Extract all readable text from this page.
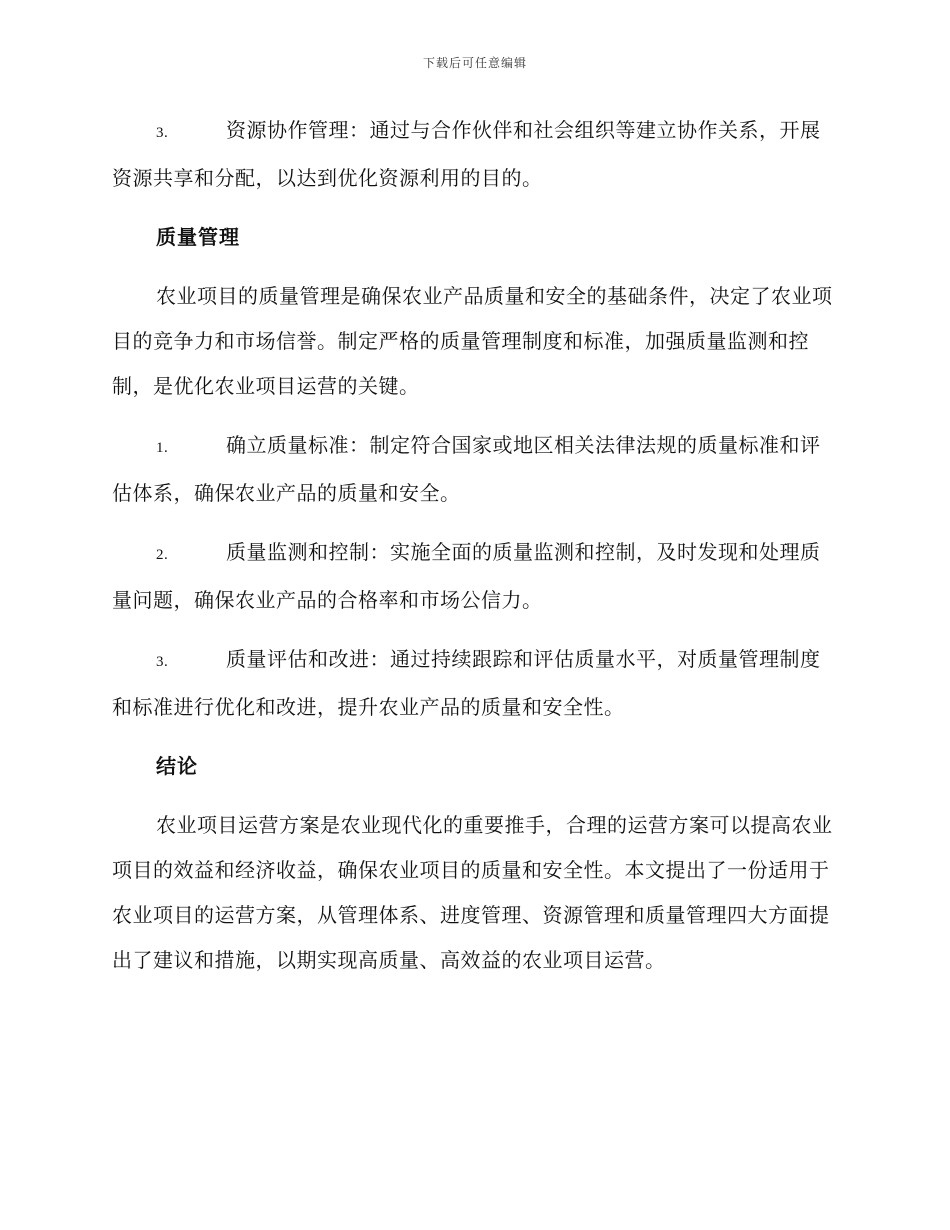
下载后可任意编辑

3.	资源协作管理：通过与合作伙伴和社会组织等建立协作关系，开展资源共享和分配，以达到优化资源利用的目的。

质量管理

农业项目的质量管理是确保农业产品质量和安全的基础条件，决定了农业项目的竞争力和市场信誉。制定严格的质量管理制度和标准，加强质量监测和控制，是优化农业项目运营的关键。

1.	确立质量标准：制定符合国家或地区相关法律法规的质量标准和评估体系，确保农业产品的质量和安全。

2.	质量监测和控制：实施全面的质量监测和控制，及时发现和处理质量问题，确保农业产品的合格率和市场公信力。

3.	质量评估和改进：通过持续跟踪和评估质量水平，对质量管理制度和标准进行优化和改进，提升农业产品的质量和安全性。

结论

农业项目运营方案是农业现代化的重要推手，合理的运营方案可以提高农业项目的效益和经济收益，确保农业项目的质量和安全性。本文提出了一份适用于农业项目的运营方案，从管理体系、进度管理、资源管理和质量管理四大方面提出了建议和措施，以期实现高质量、高效益的农业项目运营。
